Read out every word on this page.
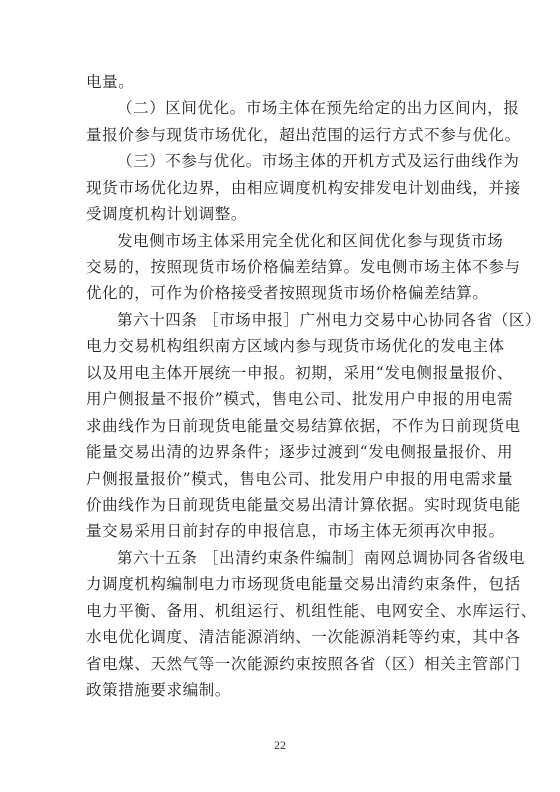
电量。
（二）区间优化。市场主体在预先给定的出力区间内，报
量报价参与现货市场优化，超出范围的运行方式不参与优化。
（三）不参与优化。市场主体的开机方式及运行曲线作为
现货市场优化边界，由相应调度机构安排发电计划曲线，并接
受调度机构计划调整。
发电侧市场主体采用完全优化和区间优化参与现货市场
交易的，按照现货市场价格偏差结算。发电侧市场主体不参与
优化的，可作为价格接受者按照现货市场价格偏差结算。
第六十四条 ［市场申报］广州电力交易中心协同各省（区）
电力交易机构组织南方区域内参与现货市场优化的发电主体
以及用电主体开展统一申报。初期，采用“发电侧报量报价、
用户侧报量不报价”模式，售电公司、批发用户申报的用电需
求曲线作为日前现货电能量交易结算依据，不作为日前现货电
能量交易出清的边界条件；逐步过渡到“发电侧报量报价、用
户侧报量报价”模式，售电公司、批发用户申报的用电需求量
价曲线作为日前现货电能量交易出清计算依据。实时现货电能
量交易采用日前封存的申报信息，市场主体无须再次申报。
第六十五条 ［出清约束条件编制］南网总调协同各省级电
力调度机构编制电力市场现货电能量交易出清约束条件，包括
电力平衡、备用、机组运行、机组性能、电网安全、水库运行、
水电优化调度、清洁能源消纳、一次能源消耗等约束，其中各
省电煤、天然气等一次能源约束按照各省（区）相关主管部门
政策措施要求编制。
22
